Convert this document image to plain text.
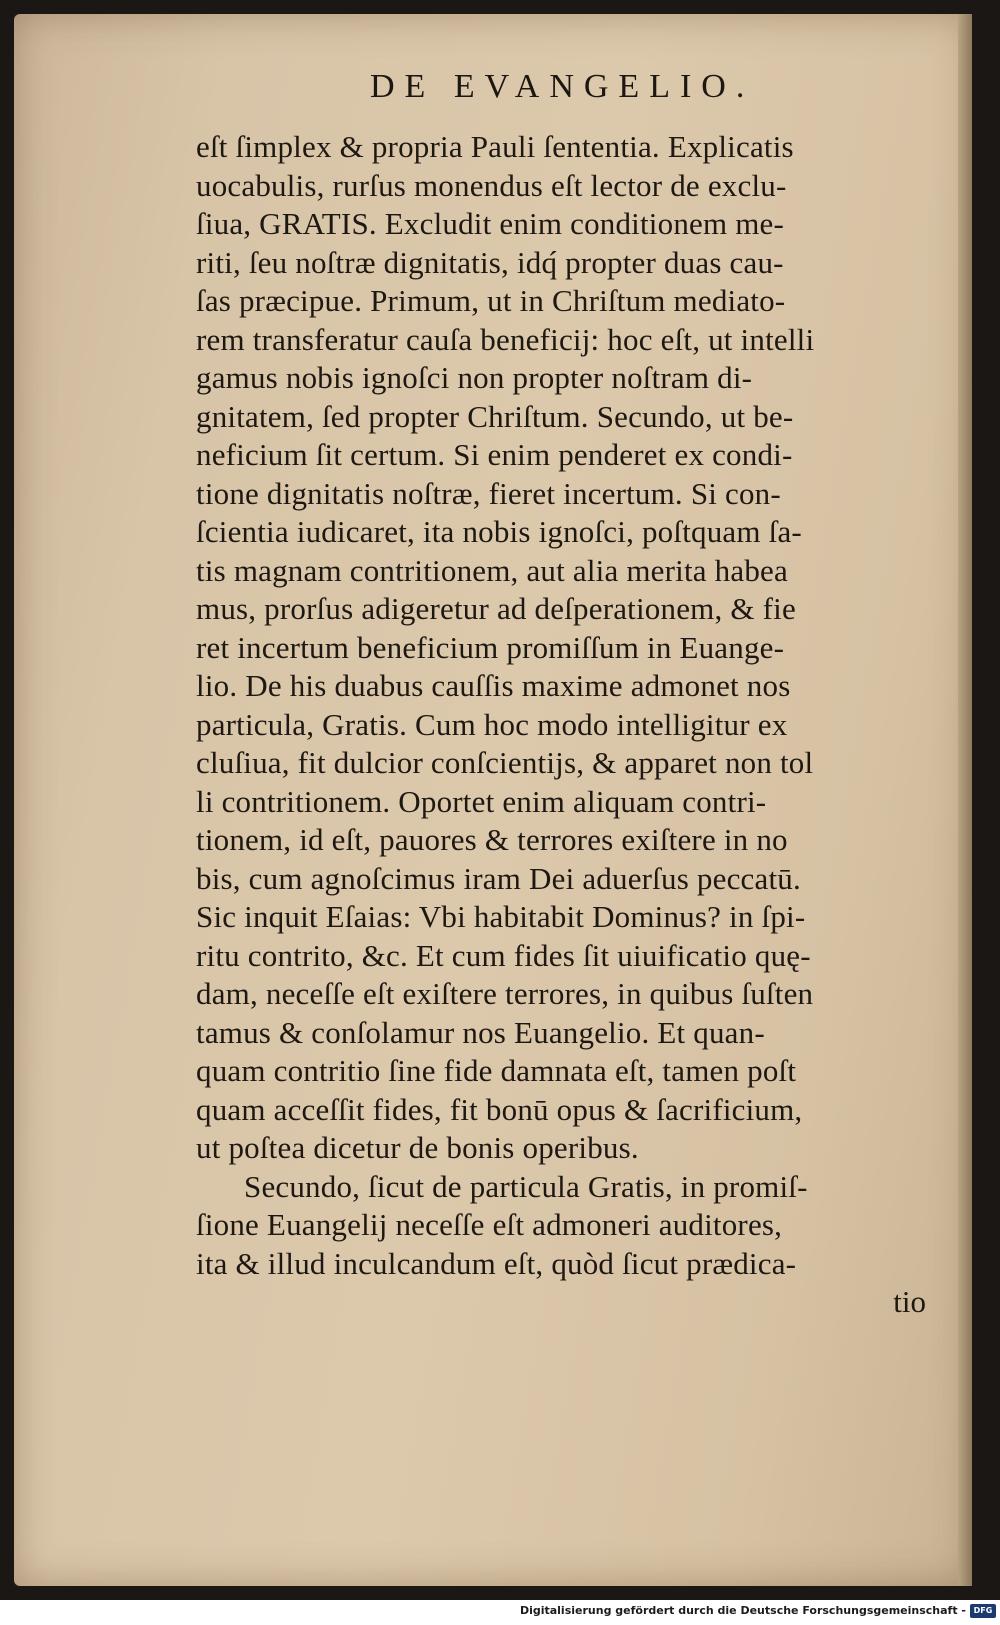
DE EVANGELIO.
eſt ſimplex & propria Pauli ſententia. Explicatis
uocabulis, rurſus monendus eſt lector de exclu-
ſiua, GRATIS. Excludit enim conditionem me-
riti, ſeu noſtræ dignitatis, idq́ propter duas cau-
ſas præcipue. Primum, ut in Chriſtum mediato-
rem transferatur cauſa beneficij: hoc eſt, ut intelli
gamus nobis ignoſci non propter noſtram di-
gnitatem, ſed propter Chriſtum. Secundo, ut be-
neficium ſit certum. Si enim penderet ex condi-
tione dignitatis noſtræ, fieret incertum. Si con-
ſcientia iudicaret, ita nobis ignoſci, poſtquam ſa-
tis magnam contritionem, aut alia merita habea
mus, prorſus adigeretur ad deſperationem, & fie
ret incertum beneficium promiſſum in Euange-
lio. De his duabus cauſſis maxime admonet nos
particula, Gratis. Cum hoc modo intelligitur ex
cluſiua, fit dulcior conſcientijs, & apparet non tol
li contritionem. Oportet enim aliquam contri-
tionem, id eſt, pauores & terrores exiſtere in no
bis, cum agnoſcimus iram Dei aduerſus peccatū.
Sic inquit Eſaias: Vbi habitabit Dominus? in ſpi-
ritu contrito, &c. Et cum fides ſit uiuificatio quę-
dam, neceſſe eſt exiſtere terrores, in quibus ſuſten
tamus & conſolamur nos Euangelio. Et quan-
quam contritio ſine fide damnata eſt, tamen poſt
quam acceſſit fides, fit bonū opus & ſacrificium,
ut poſtea dicetur de bonis operibus.
Secundo, ſicut de particula Gratis, in promiſ-
ſione Euangelij neceſſe eſt admoneri auditores,
ita & illud inculcandum eſt, quòd ſicut prædica-
tio
Digitalisierung gefördert durch die Deutsche Forschungsgemeinschaft - DFG
